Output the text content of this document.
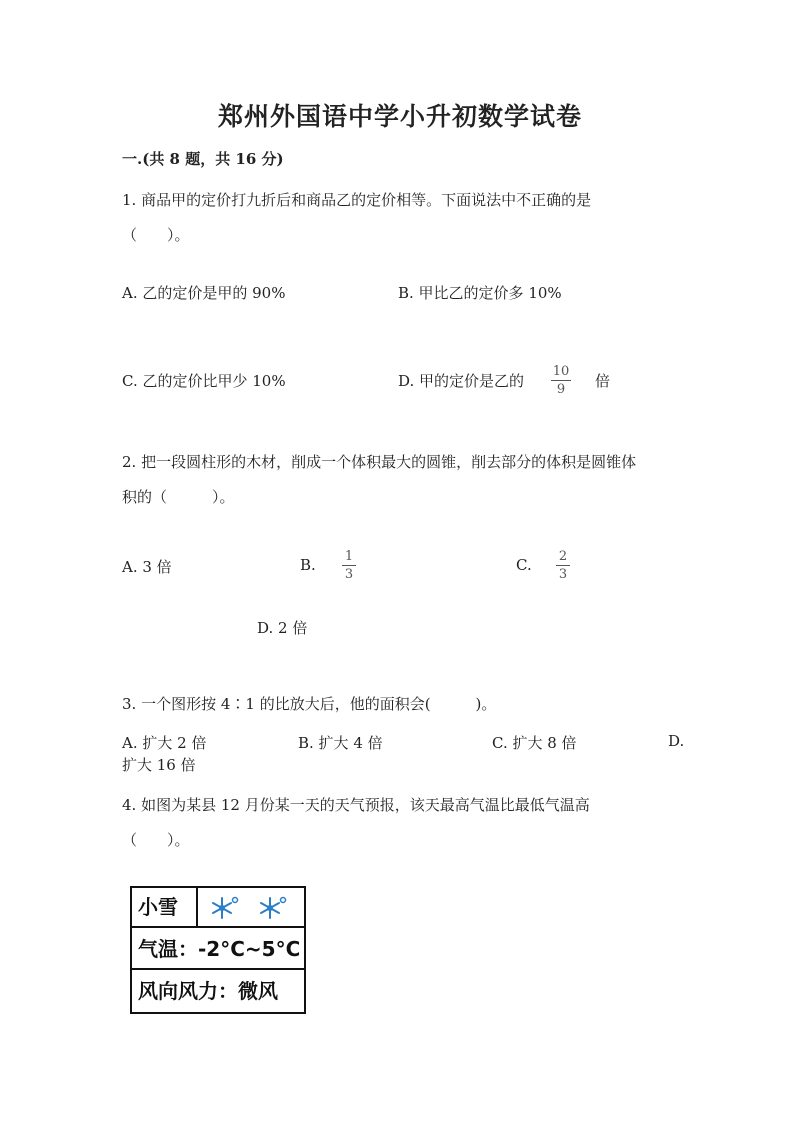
郑州外国语中学小升初数学试卷
一.(共 8 题，共 16 分)
1. 商品甲的定价打九折后和商品乙的定价相等。下面说法中不正确的是
（　　）。
A. 乙的定价是甲的 90%	B. 甲比乙的定价多 10%
C. 乙的定价比甲少 10%	D. 甲的定价是乙的
10
9 倍
2. 把一段圆柱形的木材，削成一个体积最大的圆锥，削去部分的体积是圆锥体
积的（　　　）。
A. 3 倍	B. 1
3
C. 2
3
D. 2 倍
3. 一个图形按 4∶1 的比放大后，他的面积会(　　　)。
A. 扩大 2 倍	B. 扩大 4 倍	C. 扩大 8 倍	D.
扩大 16 倍
4. 如图为某县 12 月份某一天的天气预报，该天最高气温比最低气温高
（　　）。
小雪
气温：-2°C~5°C
风向风力：微风
